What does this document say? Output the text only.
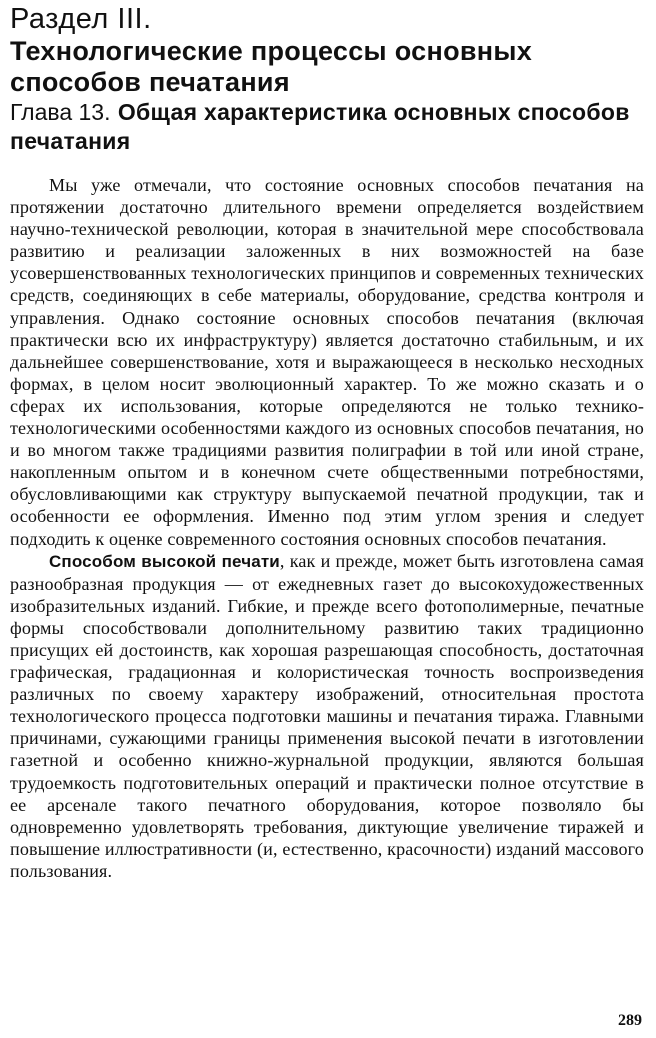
Раздел III.
Технологические процессы основных способов печатания
Глава 13. Общая характеристика основных способов печатания

Мы уже отмечали, что состояние основных способов печатания на протяжении достаточно длительного времени определяется воздействием научно-технической революции, которая в значительной мере способствовала развитию и реализации заложенных в них возможностей на базе усовершенствованных технологических принципов и современных технических средств, соединяющих в себе материалы, оборудование, средства контроля и управления. Однако состояние основных способов печатания (включая практически всю их инфраструктуру) является достаточно стабильным, и их дальнейшее совершенствование, хотя и выражающееся в несколько несходных формах, в целом носит эволюционный характер. То же можно сказать и о сферах их использования, которые определяются не только технико-технологическими особенностями каждого из основных способов печатания, но и во многом также традициями развития полиграфии в той или иной стране, накопленным опытом и в конечном счете общественными потребностями, обусловливающими как структуру выпускаемой печатной продукции, так и особенности ее оформления. Именно под этим углом зрения и следует подходить к оценке современного состояния основных способов печатания.

Способом высокой печати, как и прежде, может быть изготовлена самая разнообразная продукция — от ежедневных газет до высокохудожественных изобразительных изданий. Гибкие, и прежде всего фотополимерные, печатные формы способствовали дополнительному развитию таких традиционно присущих ей достоинств, как хорошая разрешающая способность, достаточная графическая, градационная и колористическая точность воспроизведения различных по своему характеру изображений, относительная простота технологического процесса подготовки машины и печатания тиража. Главными причинами, сужающими границы применения высокой печати в изготовлении газетной и особенно книжно-журнальной продукции, являются большая трудоемкость подготовительных операций и практически полное отсутствие в ее арсенале такого печатного оборудования, которое позволяло бы одновременно удовлетворять требования, диктующие увеличение тиражей и повышение иллюстративности (и, естественно, красочности) изданий массового пользования.

289
